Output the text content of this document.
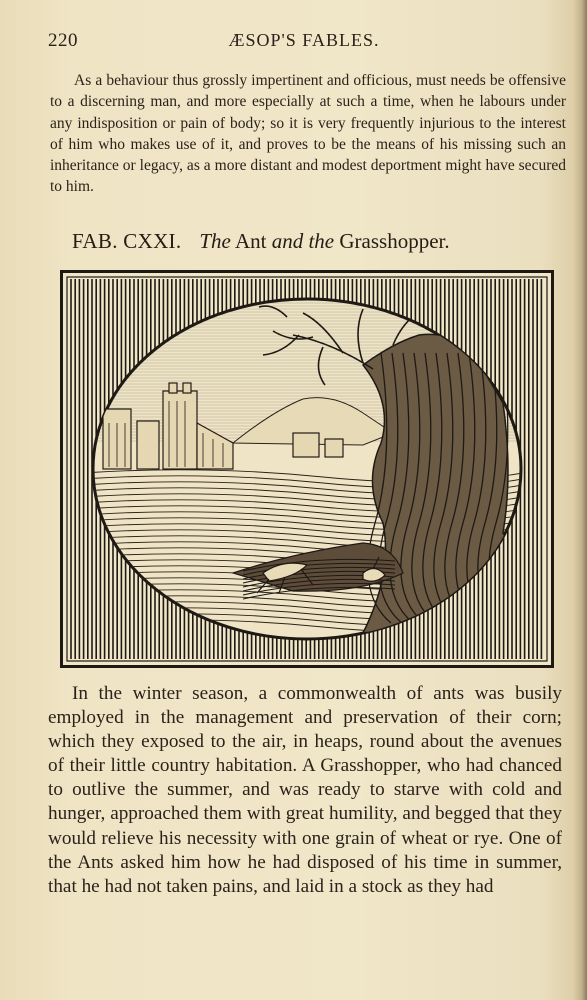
220	ÆSOP'S FABLES.

As a behaviour thus grossly impertinent and officious, must needs be offensive to a discerning man, and more especially at such a time, when he labours under any indisposition or pain of body; so it is very frequently injurious to the interest of him who makes use of it, and proves to be the means of his missing such an inheritance or legacy, as a more distant and modest deportment might have secured to him.

FAB. CXXI. The Ant and the Grasshopper.

In the winter season, a commonwealth of ants was busily employed in the management and preservation of their corn; which they exposed to the air, in heaps, round about the avenues of their little country habitation. A Grasshopper, who had chanced to outlive the summer, and was ready to starve with cold and hunger, approached them with great humility, and begged that they would relieve his necessity with one grain of wheat or rye. One of the Ants asked him how he had disposed of his time in summer, that he had not taken pains, and laid in a stock as they had
